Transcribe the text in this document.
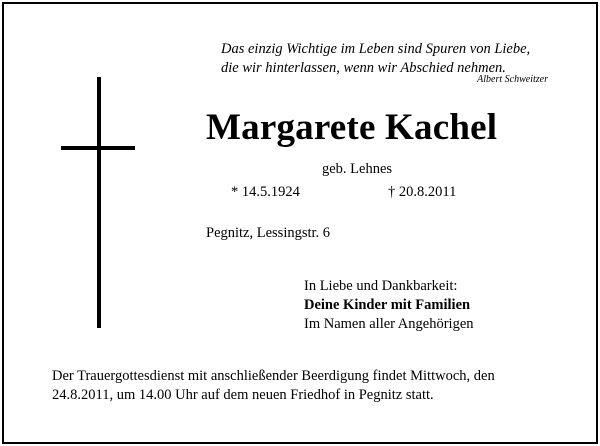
Das einzig Wichtige im Leben sind Spuren von Liebe,
die wir hinterlassen, wenn wir Abschied nehmen.
Albert Schweitzer
Margarete Kachel
geb. Lehnes
* 14.5.1924	† 20.8.2011
Pegnitz, Lessingstr. 6
In Liebe und Dankbarkeit:
Deine Kinder mit Familien
Im Namen aller Angehörigen
Der Trauergottesdienst mit anschließender Beerdigung findet Mittwoch, den
24.8.2011, um 14.00 Uhr auf dem neuen Friedhof in Pegnitz statt.
